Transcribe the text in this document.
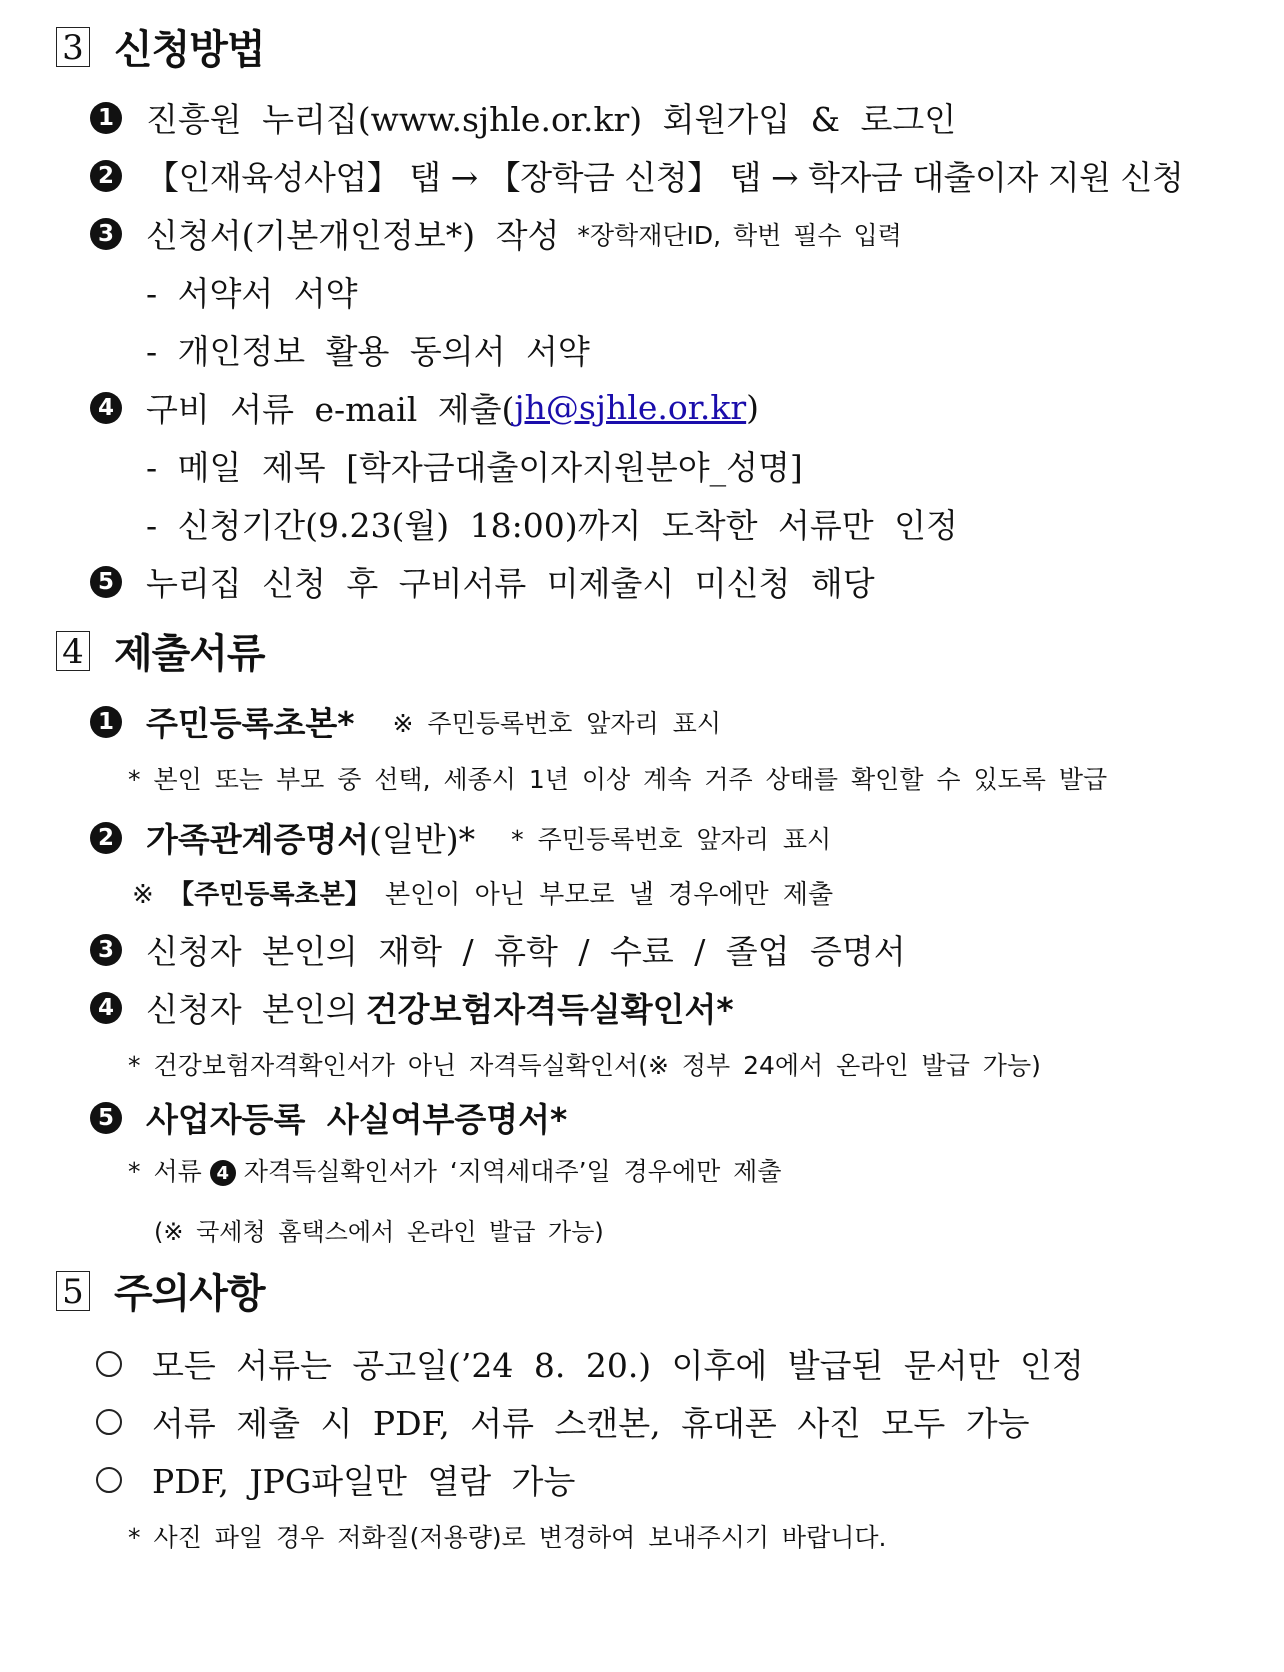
3 신청방법
1 진흥원 누리집(www.sjhle.or.kr) 회원가입 & 로그인
2 【인재육성사업】 탭 → 【장학금 신청】 탭 → 학자금 대출이자 지원 신청
3 신청서(기본개인정보*) 작성 *장학재단ID, 학번 필수 입력
- 서약서 서약
- 개인정보 활용 동의서 서약
4 구비 서류 e-mail 제출( jh@sjhle.or.kr )
- 메일 제목 [학자금대출이자지원분야_성명]
- 신청기간(9.23(월) 18:00)까지 도착한 서류만 인정
5 누리집 신청 후 구비서류 미제출시 미신청 해당
4 제출서류
1 주민등록초본* ※ 주민등록번호 앞자리 표시
* 본인 또는 부모 중 선택, 세종시 1년 이상 계속 거주 상태를 확인할 수 있도록 발급
2 가족관계증명서 (일반)* * 주민등록번호 앞자리 표시
※ 【주민등록초본】 본인이 아닌 부모로 낼 경우에만 제출
3 신청자 본인의 재학 / 휴학 / 수료 / 졸업 증명서
4 신청자 본인의 건강보험자격득실확인서*
* 건강보험자격확인서가 아닌 자격득실확인서(※ 정부 24에서 온라인 발급 가능)
5 사업자등록 사실여부증명서*
* 서류 4 자격득실확인서가 ‘지역세대주’일 경우에만 제출
(※ 국세청 홈택스에서 온라인 발급 가능)
5 주의사항
모든 서류는 공고일(’24 8. 20.) 이후에 발급된 문서만 인정
서류 제출 시 PDF, 서류 스캔본, 휴대폰 사진 모두 가능
PDF, JPG파일만 열람 가능
* 사진 파일 경우 저화질(저용량)로 변경하여 보내주시기 바랍니다.
